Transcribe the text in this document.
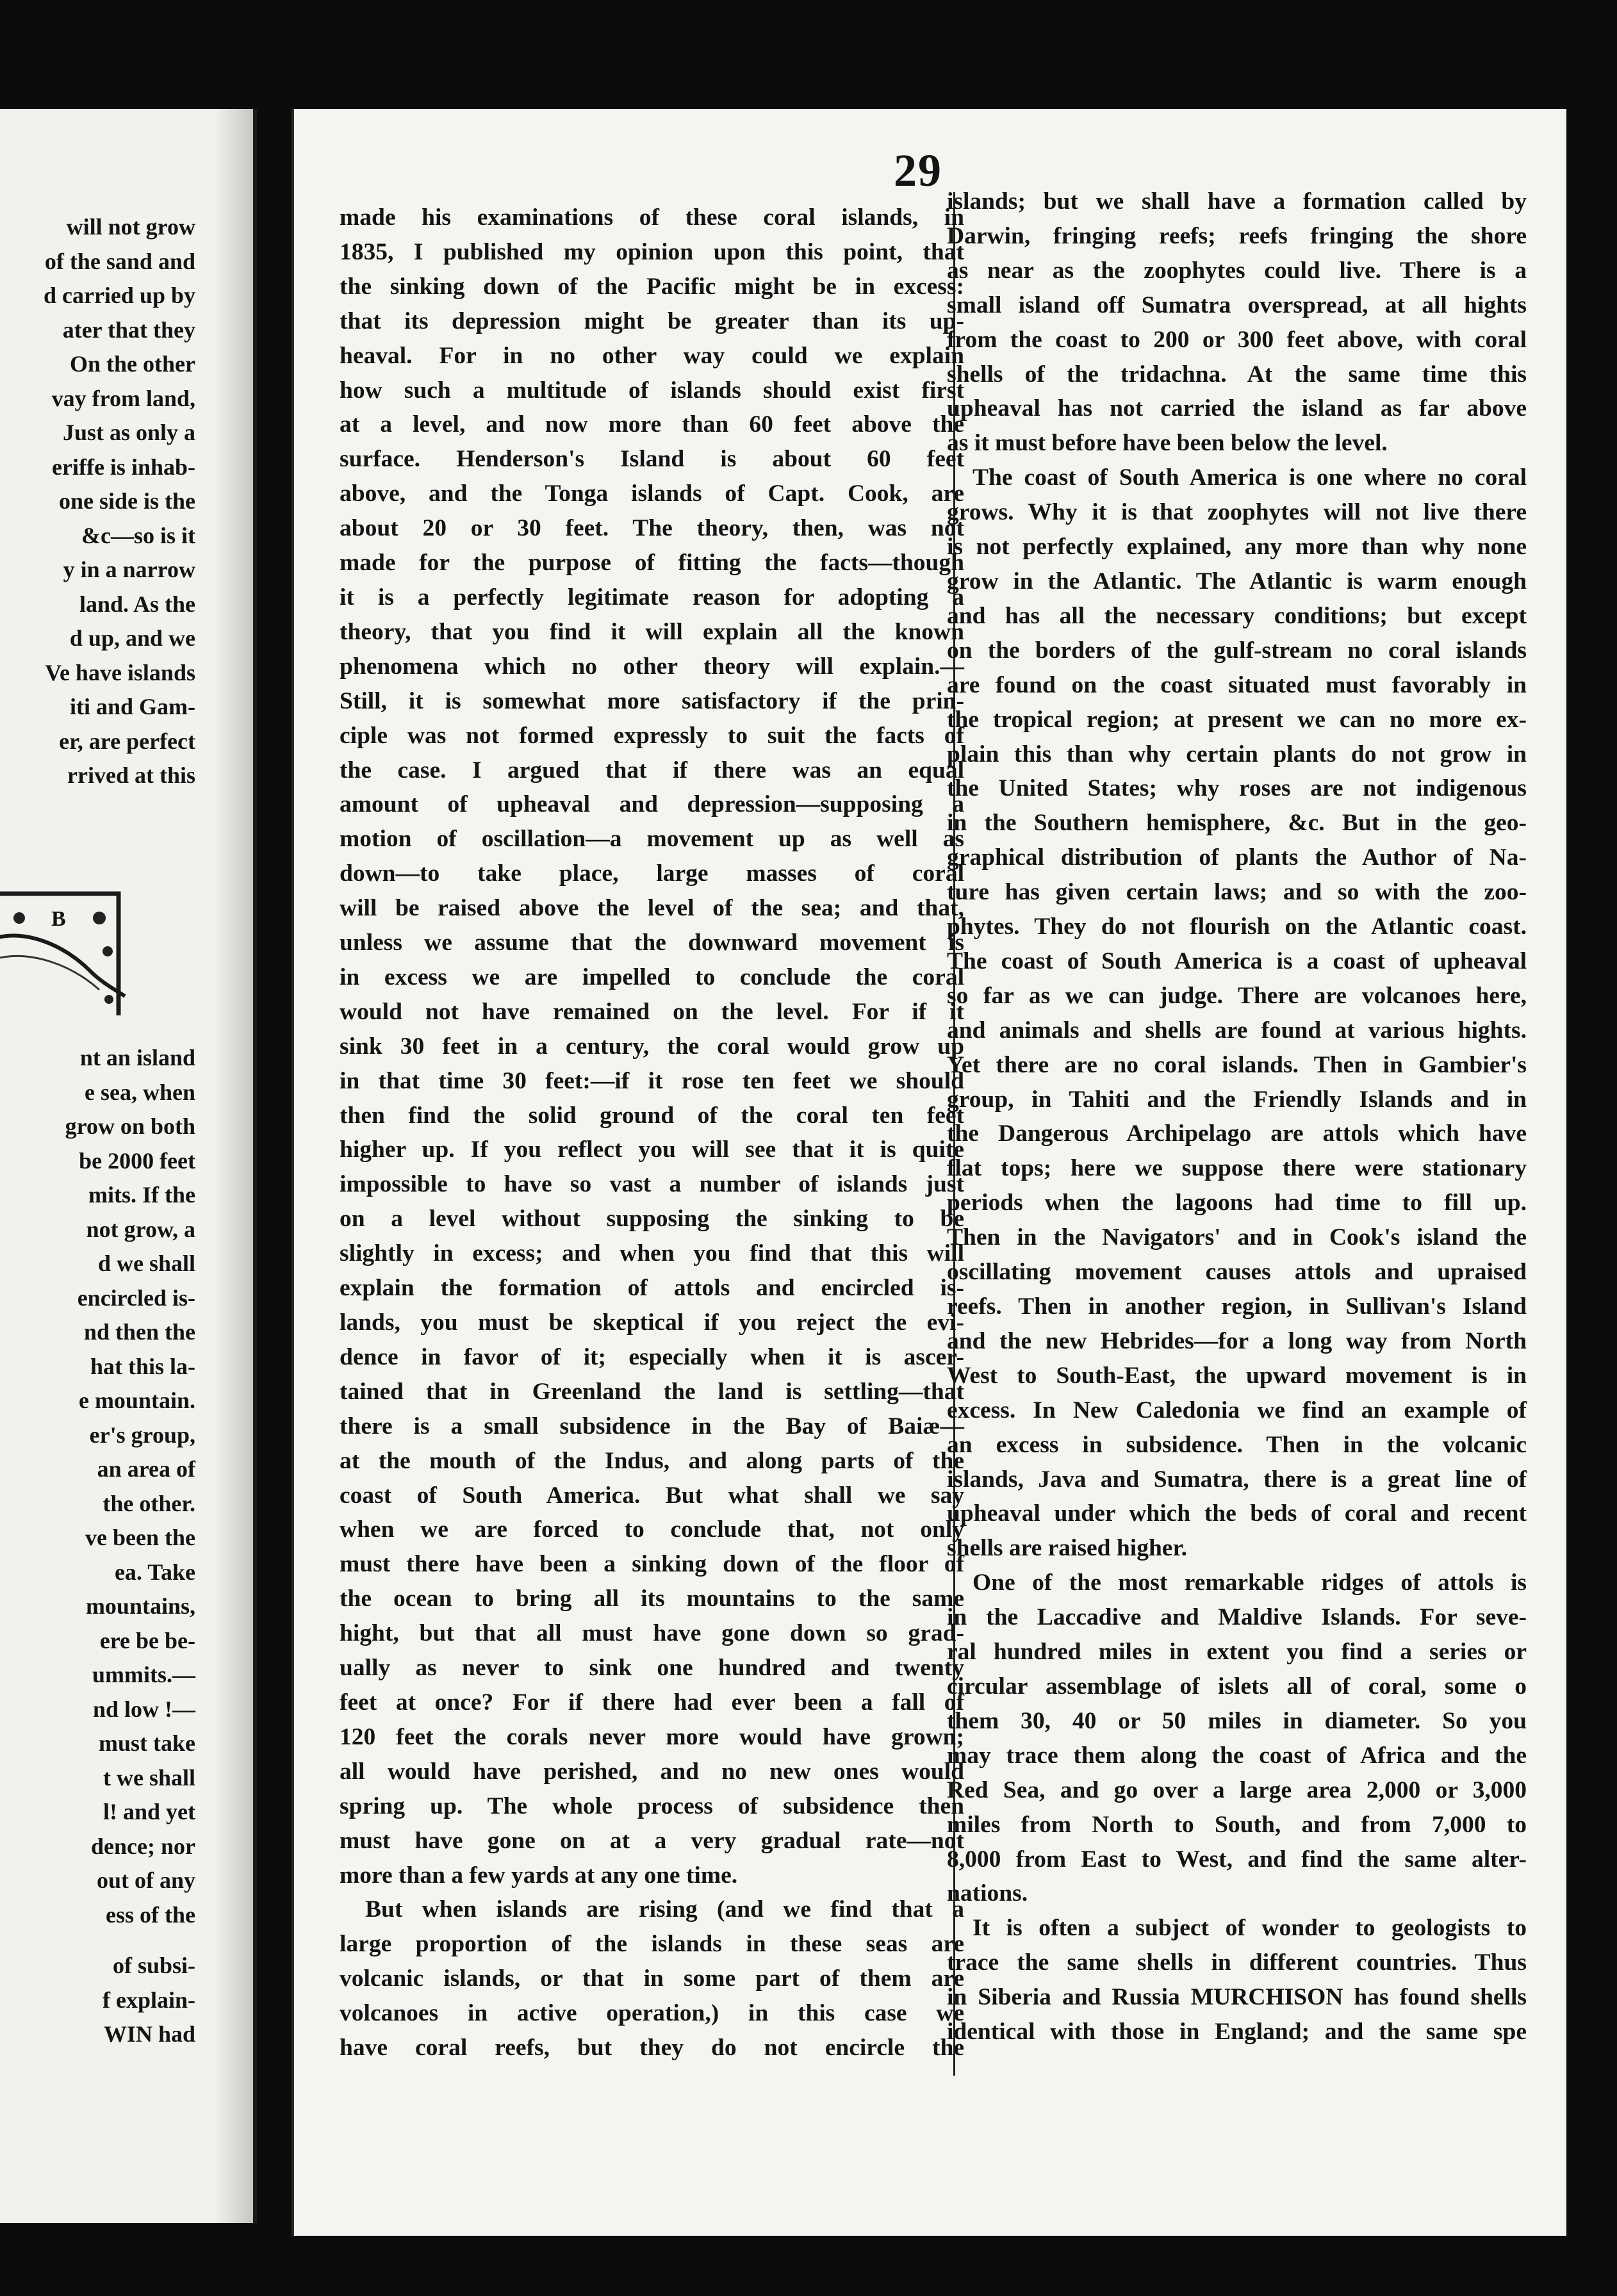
will not grow
of the sand and
d carried up by
ater that they
On the other
vay from land,
Just as only a
eriffe is inhab-
one side is the
&c—so is it
y in a narrow
land. As the
d up, and we
Ve have islands
iti and Gam-
er, are perfect
rrived at this
B
nt an island
e sea, when
grow on both
be 2000 feet
mits. If the
not grow, a
d we shall
encircled is-
nd then the
hat this la-
e mountain.
er's group,
an area of
the other.
ve been the
ea. Take
mountains,
ere be be-
ummits.—
nd low !—
must take
t we shall
l! and yet
dence; nor
out of any
ess of the
of subsi-
f explain-
WIN had
29
made his examinations of these coral islands, in
1835, I published my opinion upon this point, that
the sinking down of the Pacific might be in excess:
that its depression might be greater than its up-
heaval. For in no other way could we explain
how such a multitude of islands should exist first
at a level, and now more than 60 feet above the
surface. Henderson's Island is about 60 feet
above, and the Tonga islands of Capt. Cook, are
about 20 or 30 feet. The theory, then, was not
made for the purpose of fitting the facts—though
it is a perfectly legitimate reason for adopting a
theory, that you find it will explain all the known
phenomena which no other theory will explain.—
Still, it is somewhat more satisfactory if the prin-
ciple was not formed expressly to suit the facts of
the case. I argued that if there was an equal
amount of upheaval and depression—supposing a
motion of oscillation—a movement up as well as
down—to take place, large masses of coral
will be raised above the level of the sea; and that,
unless we assume that the downward movement is
in excess we are impelled to conclude the coral
would not have remained on the level. For if it
sink 30 feet in a century, the coral would grow up
in that time 30 feet:—if it rose ten feet we should
then find the solid ground of the coral ten feet
higher up. If you reflect you will see that it is quite
impossible to have so vast a number of islands just
on a level without supposing the sinking to be
slightly in excess; and when you find that this will
explain the formation of attols and encircled is-
lands, you must be skeptical if you reject the evi-
dence in favor of it; especially when it is ascer-
tained that in Greenland the land is settling—that
there is a small subsidence in the Bay of Baiæ—
at the mouth of the Indus, and along parts of the
coast of South America. But what shall we say
when we are forced to conclude that, not only
must there have been a sinking down of the floor of
the ocean to bring all its mountains to the same
hight, but that all must have gone down so grad-
ually as never to sink one hundred and twenty
feet at once? For if there had ever been a fall of
120 feet the corals never more would have grown;
all would have perished, and no new ones would
spring up. The whole process of subsidence then
must have gone on at a very gradual rate—not
more than a few yards at any one time.
But when islands are rising (and we find that a
large proportion of the islands in these seas are
volcanic islands, or that in some part of them are
volcanoes in active operation,) in this case we
have coral reefs, but they do not encircle the
islands; but we shall have a formation called by
Darwin, fringing reefs; reefs fringing the shore
as near as the zoophytes could live. There is a
small island off Sumatra overspread, at all hights
from the coast to 200 or 300 feet above, with coral
shells of the tridachna. At the same time this
upheaval has not carried the island as far above
as it must before have been below the level.
The coast of South America is one where no coral
grows. Why it is that zoophytes will not live there
is not perfectly explained, any more than why none
grow in the Atlantic. The Atlantic is warm enough
and has all the necessary conditions; but except
on the borders of the gulf-stream no coral islands
are found on the coast situated must favorably in
the tropical region; at present we can no more ex-
plain this than why certain plants do not grow in
the United States; why roses are not indigenous
in the Southern hemisphere, &c. But in the geo-
graphical distribution of plants the Author of Na-
ture has given certain laws; and so with the zoo-
phytes. They do not flourish on the Atlantic coast.
The coast of South America is a coast of upheaval
so far as we can judge. There are volcanoes here,
and animals and shells are found at various hights.
Yet there are no coral islands. Then in Gambier's
group, in Tahiti and the Friendly Islands and in
the Dangerous Archipelago are attols which have
flat tops; here we suppose there were stationary
periods when the lagoons had time to fill up.
Then in the Navigators' and in Cook's island the
oscillating movement causes attols and upraised
reefs. Then in another region, in Sullivan's Island
and the new Hebrides—for a long way from North
West to South-East, the upward movement is in
excess. In New Caledonia we find an example of
an excess in subsidence. Then in the volcanic
islands, Java and Sumatra, there is a great line of
upheaval under which the beds of coral and recent
shells are raised higher.
One of the most remarkable ridges of attols is
in the Laccadive and Maldive Islands. For seve-
ral hundred miles in extent you find a series or
circular assemblage of islets all of coral, some o
them 30, 40 or 50 miles in diameter. So you
may trace them along the coast of Africa and the
Red Sea, and go over a large area 2,000 or 3,000
miles from North to South, and from 7,000 to
8,000 from East to West, and find the same alter-
nations.
It is often a subject of wonder to geologists to
trace the same shells in different countries. Thus
in Siberia and Russia MURCHISON has found shells
identical with those in England; and the same spe
